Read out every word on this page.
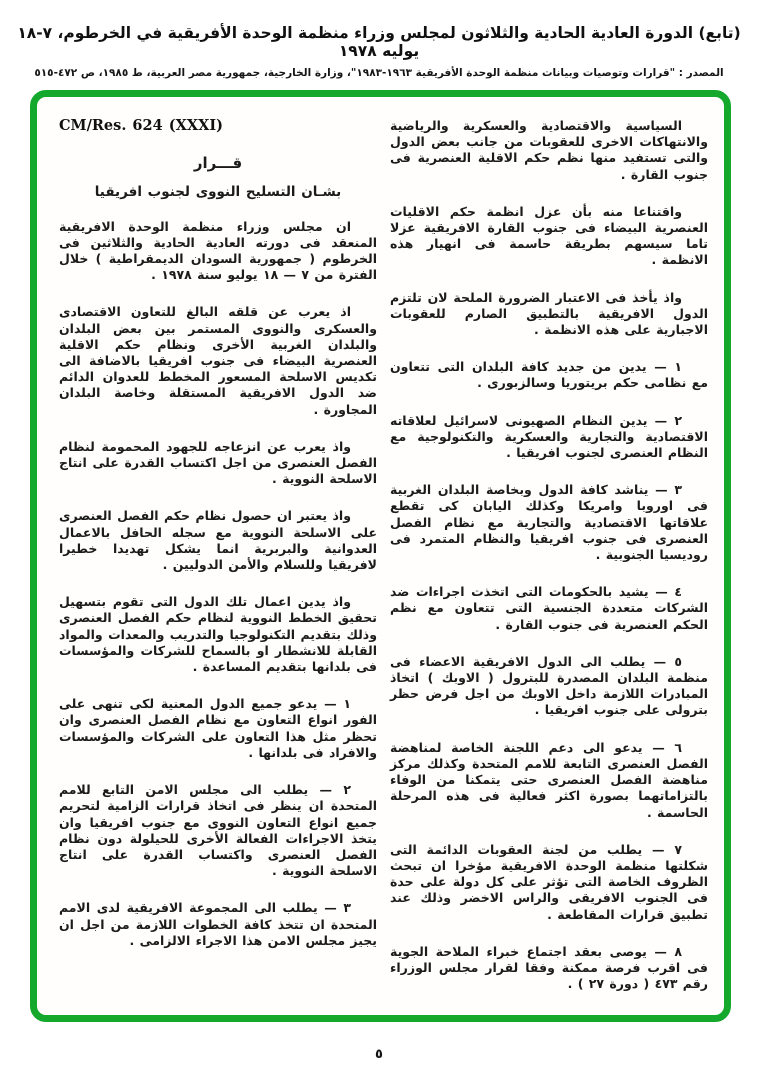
(تابع) الدورة العادية الحادية والثلاثون لمجلس وزراء منظمة الوحدة الأفريقية في الخرطوم، ٧-١٨ يوليه ١٩٧٨
المصدر : "قرارات وتوصيات وبيانات منظمة الوحدة الأفريقية ١٩٦٣-١٩٨٣"، وزارة الخارجية، جمهورية مصر العربية، ط ١٩٨٥، ص ٤٧٢-٥١٥

CM/Res. 624 (XXXI)

قـــرار

بشـان التسليح النووى لجنوب افريقيا

ان مجلس وزراء منظمة الوحدة الافريقية المنعقد فى دورته العادية الحادية والثلاثين فى الخرطوم ( جمهورية السودان الديمقراطية ) خلال الفترة من ٧ — ١٨ يوليو سنة ١٩٧٨ .

اذ يعرب عن قلقه البالغ للتعاون الاقتصادى والعسكرى والنووى المستمر بين بعض البلدان والبلدان الغربية الأخرى ونظام حكم الاقلية العنصرية البيضاء فى جنوب افريقيا بالاضافة الى تكديس الاسلحة المسعور المخطط للعدوان الدائم ضد الدول الافريقية المستقلة وخاصة البلدان المجاورة .

واذ يعرب عن انزعاجه للجهود المحمومة لنظام الفصل العنصرى من اجل اكتساب القدرة على انتاج الاسلحة النووية .

واذ يعتبر ان حصول نظام حكم الفصل العنصرى على الاسلحة النووية مع سجله الحافل بالاعمال العدوانية والبربرية انما يشكل تهديدا خطيرا لافريقيا وللسلام والأمن الدوليين .

واذ يدين اعمال تلك الدول التى تقوم بتسهيل تحقيق الخطط النووية لنظام حكم الفصل العنصرى وذلك بتقديم التكنولوجيا والتدريب والمعدات والمواد القابلة للانشطار او بالسماح للشركات والمؤسسات فى بلدانها بتقديم المساعدة .

١ — يدعو جميع الدول المعنية لكى تنهى على الفور انواع التعاون مع نظام الفصل العنصرى وان تحظر مثل هذا التعاون على الشركات والمؤسسات والافراد فى بلدانها .

٢ — يطلب الى مجلس الامن التابع للامم المتحدة ان ينظر فى اتخاذ قرارات الزامية لتحريم جميع انواع التعاون النووى مع جنوب افريقيا وان يتخذ الاجراءات الفعالة الأخرى للحيلولة دون نظام الفصل العنصرى واكتساب القدرة على انتاج الاسلحة النووية .

٣ — يطلب الى المجموعة الافريقية لدى الامم المتحدة ان تتخذ كافة الخطوات اللازمة من اجل ان يجيز مجلس الامن هذا الاجراء الالزامى .

السياسية والاقتصادية والعسكرية والرياضية والانتهاكات الاخرى للعقوبات من جانب بعض الدول والتى تستفيد منها نظم حكم الاقلية العنصرية فى جنوب القارة .

واقتناعا منه بأن عزل انظمة حكم الاقليات العنصرية البيضاء فى جنوب القارة الافريقية عزلا تاما سيسهم بطريقة حاسمة فى انهيار هذه الانظمة .

واذ يأخذ فى الاعتبار الضرورة الملحة لان تلتزم الدول الافريقية بالتطبيق الصارم للعقوبات الاجبارية على هذه الانظمة .

١ — يدين من جديد كافة البلدان التى تتعاون مع نظامى حكم بريتوريا وسالزبورى .

٢ — يدين النظام الصهيونى لاسرائيل لعلاقاته الاقتصادية والتجارية والعسكرية والتكنولوجية مع النظام العنصرى لجنوب افريقيا .

٣ — يناشد كافة الدول وبخاصة البلدان الغربية فى اوروبا وامريكا وكذلك اليابان كى تقطع علاقاتها الاقتصادية والتجارية مع نظام الفصل العنصرى فى جنوب افريقيا والنظام المتمرد فى روديسيا الجنوبية .

٤ — يشيد بالحكومات التى اتخذت اجراءات ضد الشركات متعددة الجنسية التى تتعاون مع نظم الحكم العنصرية فى جنوب القارة .

٥ — يطلب الى الدول الافريقية الاعضاء فى منظمة البلدان المصدرة للبترول ( الاوبك ) اتخاذ المبادرات اللازمة داخل الاوبك من اجل فرض حظر بترولى على جنوب افريقيا .

٦ — يدعو الى دعم اللجنة الخاصة لمناهضة الفصل العنصرى التابعة للامم المتحدة وكذلك مركز مناهضة الفصل العنصرى حتى يتمكنا من الوفاء بالتزاماتهما بصورة اكثر فعالية فى هذه المرحلة الحاسمة .

٧ — يطلب من لجنة العقوبات الدائمة التى شكلتها منظمة الوحدة الافريقية مؤخرا ان تبحث الظروف الخاصة التى تؤثر على كل دولة على حدة فى الجنوب الافريقى والراس الاخضر وذلك عند تطبيق قرارات المقاطعة .

٨ — يوصى بعقد اجتماع خبراء الملاحة الجوية فى اقرب فرصة ممكنة وفقا لقرار مجلس الوزراء رقم ٤٧٣ ( دورة ٢٧ ) .

٥
